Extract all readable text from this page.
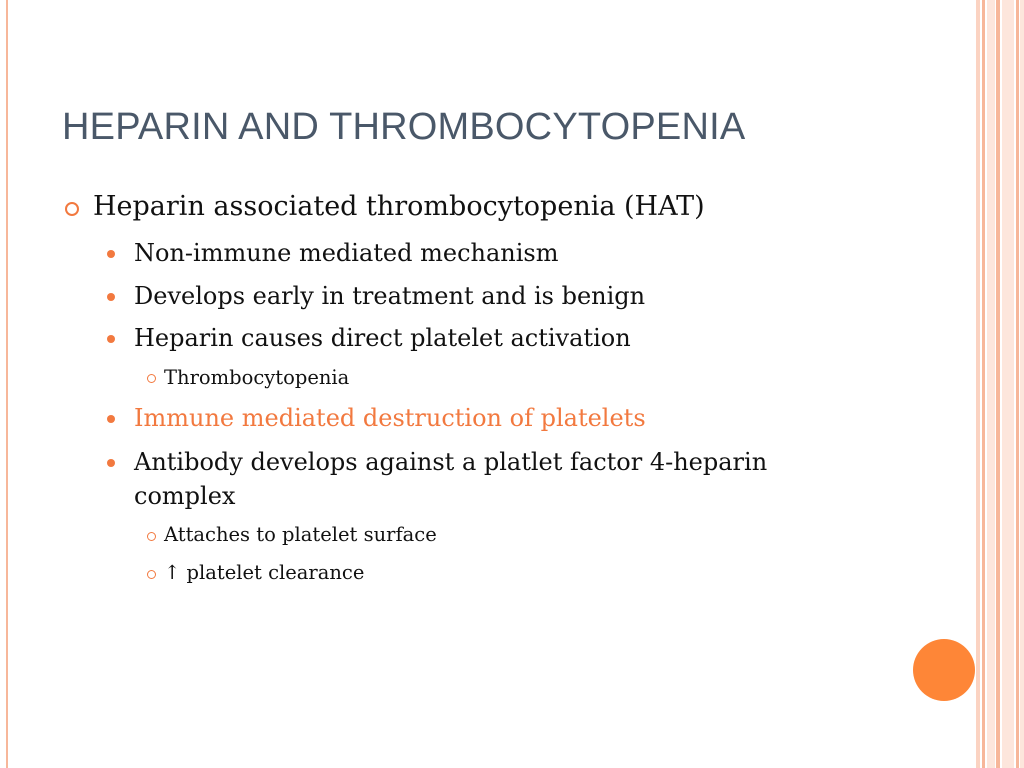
HEPARIN AND THROMBOCYTOPENIA
Heparin associated thrombocytopenia (HAT)
Non-immune mediated mechanism
Develops early in treatment and is benign
Heparin causes direct platelet activation
Thrombocytopenia
Immune mediated destruction of platelets
Antibody develops against a platlet factor 4-heparin complex
Attaches to platelet surface
↑ platelet clearance
